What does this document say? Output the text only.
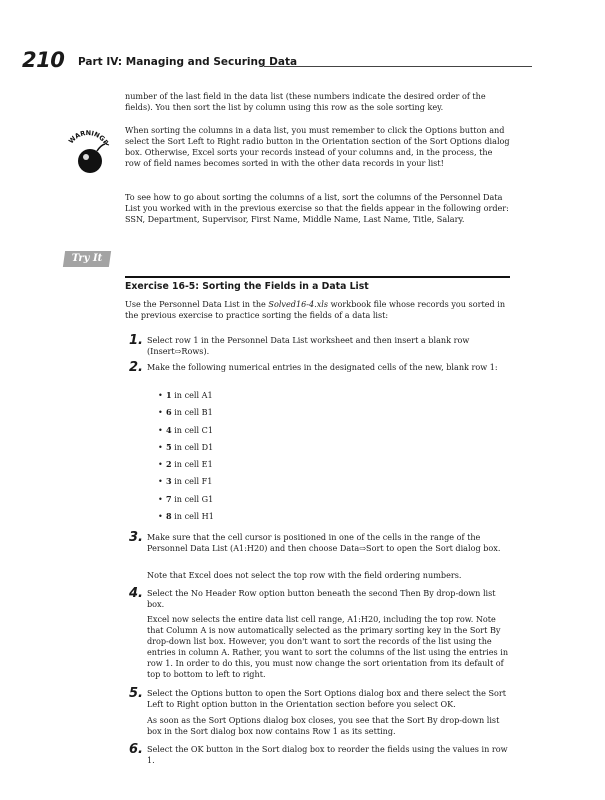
210 Part IV: Managing and Securing Data

number of the last field in the data list (these numbers indicate the desired order of the fields). You then sort the list by column using this row as the sole sorting key.

WARNING!

When sorting the columns in a data list, you must remember to click the Options button and select the Sort Left to Right radio button in the Orientation section of the Sort Options dialog box. Otherwise, Excel sorts your records instead of your columns and, in the process, the row of field names becomes sorted in with the other data records in your list!

To see how to go about sorting the columns of a list, sort the columns of the Personnel Data List you worked with in the previous exercise so that the fields appear in the following order: SSN, Department, Supervisor, First Name, Middle Name, Last Name, Title, Salary.

Try It
Exercise 16-5: Sorting the Fields in a Data List

Use the Personnel Data List in the Solved16-4.xls workbook file whose records you sorted in the previous exercise to practice sorting the fields of a data list:

1. Select row 1 in the Personnel Data List worksheet and then insert a blank row (Insert⇨Rows).

2. Make the following numerical entries in the designated cells of the new, blank row 1:

• 1 in cell A1
• 6 in cell B1
• 4 in cell C1
• 5 in cell D1
• 2 in cell E1
• 3 in cell F1
• 7 in cell G1
• 8 in cell H1
3. Make sure that the cell cursor is positioned in one of the cells in the range of the Personnel Data List (A1:H20) and then choose Data⇨Sort to open the Sort dialog box.

Note that Excel does not select the top row with the field ordering numbers.

4. Select the No Header Row option button beneath the second Then By drop-down list box.

Excel now selects the entire data list cell range, A1:H20, including the top row. Note that Column A is now automatically selected as the primary sorting key in the Sort By drop-down list box. However, you don't want to sort the records of the list using the entries in column A. Rather, you want to sort the columns of the list using the entries in row 1. In order to do this, you must now change the sort orientation from its default of top to bottom to left to right.

5. Select the Options button to open the Sort Options dialog box and there select the Sort Left to Right option button in the Orientation section before you select OK.

As soon as the Sort Options dialog box closes, you see that the Sort By drop-down list box in the Sort dialog box now contains Row 1 as its setting.

6. Select the OK button in the Sort dialog box to reorder the fields using the values in row 1.
